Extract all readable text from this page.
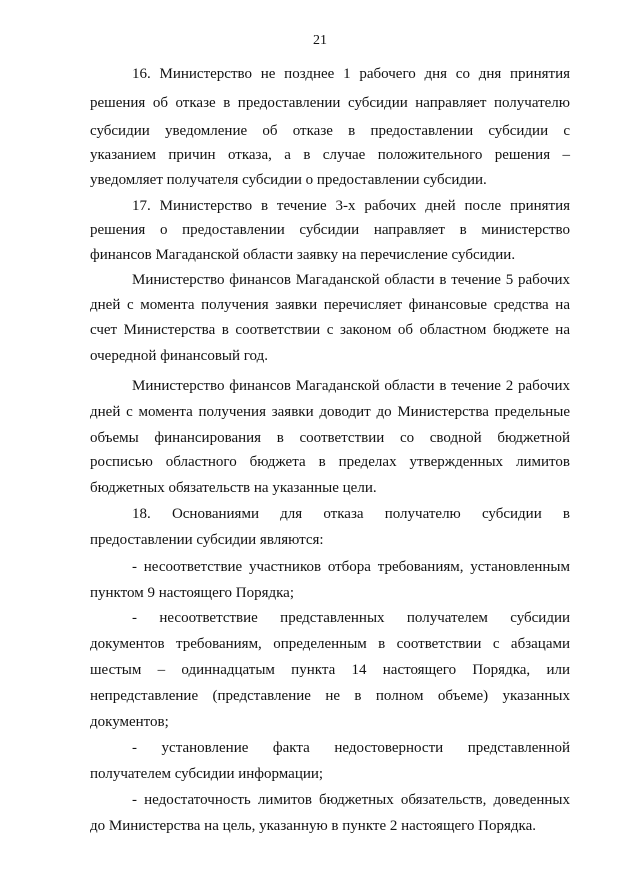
21
16. Министерство не позднее 1 рабочего дня со дня принятия
решения об отказе в предоставлении субсидии направляет получателю
субсидии уведомление об отказе в предоставлении субсидии с
указанием причин отказа, а в случае положительного решения –
уведомляет получателя субсидии о предоставлении субсидии.
17. Министерство в течение 3-х рабочих дней после принятия
решения о предоставлении субсидии направляет в министерство
финансов Магаданской области заявку на перечисление субсидии.
Министерство финансов Магаданской области в течение 5 рабочих
дней с момента получения заявки перечисляет финансовые средства на
счет Министерства в соответствии с законом об областном бюджете на
очередной финансовый год.
Министерство финансов Магаданской области в течение 2 рабочих
дней с момента получения заявки доводит до Министерства предельные
объемы финансирования в соответствии со сводной бюджетной
росписью областного бюджета в пределах утвержденных лимитов
бюджетных обязательств на указанные цели.
18. Основаниями для отказа получателю субсидии в
предоставлении субсидии являются:
- несоответствие участников отбора требованиям, установленным
пунктом 9 настоящего Порядка;
- несоответствие представленных получателем субсидии
документов требованиям, определенным в соответствии с абзацами
шестым – одиннадцатым пункта 14 настоящего Порядка, или
непредставление (представление не в полном объеме) указанных
документов;
- установление факта недостоверности представленной
получателем субсидии информации;
- недостаточность лимитов бюджетных обязательств, доведенных
до Министерства на цель, указанную в пункте 2 настоящего Порядка.
